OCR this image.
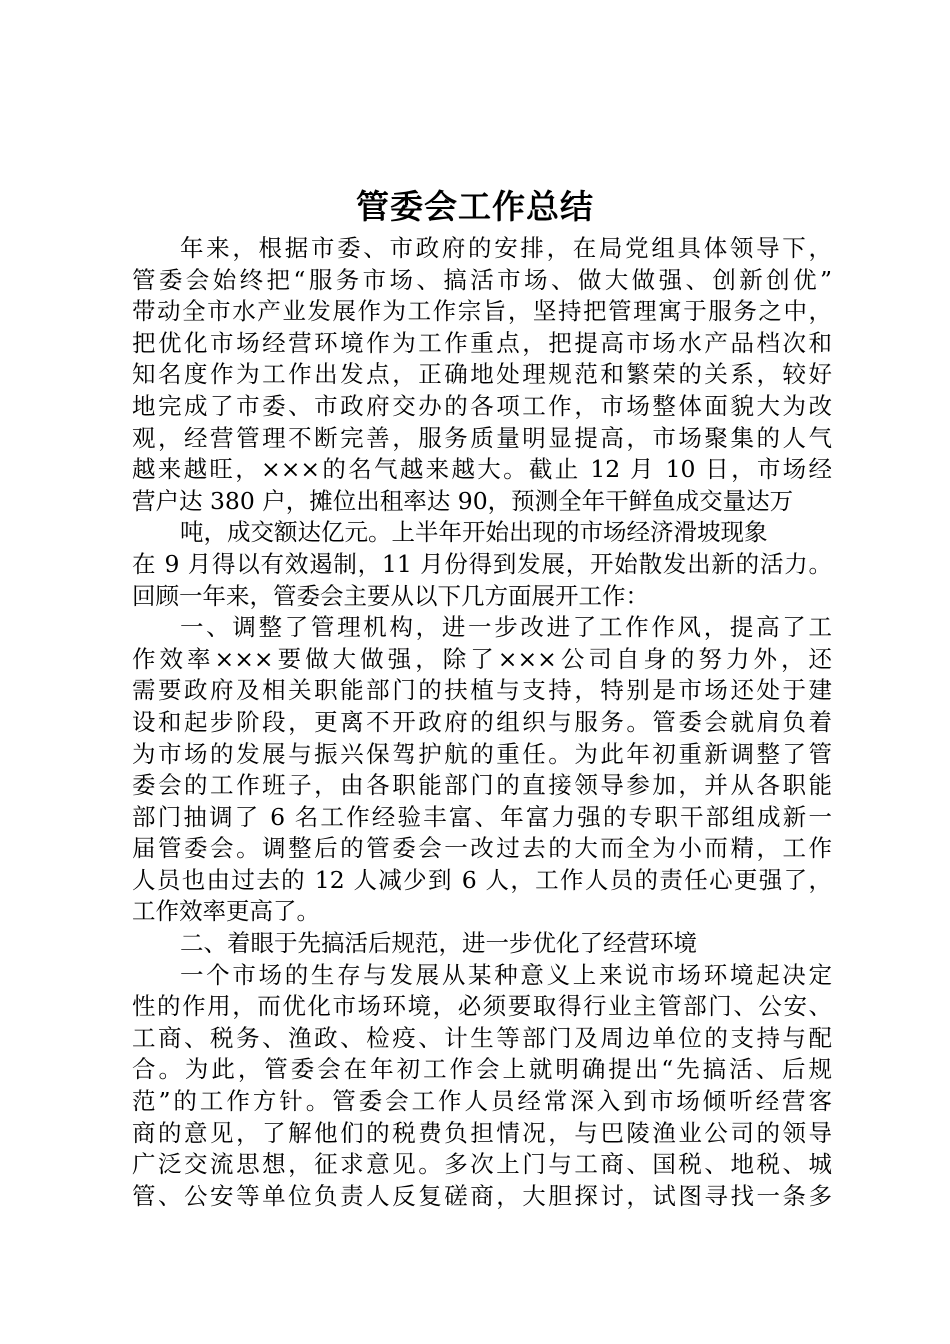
管委会工作总结
年来，根据市委、市政府的安排，在局党组具体领导下，
管委会始终把“服务市场、搞活市场、做大做强、创新创优”
带动全市水产业发展作为工作宗旨，坚持把管理寓于服务之中，
把优化市场经营环境作为工作重点，把提高市场水产品档次和
知名度作为工作出发点，正确地处理规范和繁荣的关系，较好
地完成了市委、市政府交办的各项工作，市场整体面貌大为改
观，经营管理不断完善，服务质量明显提高，市场聚集的人气
越来越旺，×××的名气越来越大。截止 12 月 10 日，市场经
营户达 380 户，摊位出租率达 90，预测全年干鲜鱼成交量达万
吨，成交额达亿元。上半年开始出现的市场经济滑坡现象
在 9 月得以有效遏制，11 月份得到发展，开始散发出新的活力。
回顾一年来，管委会主要从以下几方面展开工作：
一、调整了管理机构，进一步改进了工作作风，提高了工
作效率×××要做大做强，除了×××公司自身的努力外，还
需要政府及相关职能部门的扶植与支持，特别是市场还处于建
设和起步阶段，更离不开政府的组织与服务。管委会就肩负着
为市场的发展与振兴保驾护航的重任。为此年初重新调整了管
委会的工作班子，由各职能部门的直接领导参加，并从各职能
部门抽调了 6 名工作经验丰富、年富力强的专职干部组成新一
届管委会。调整后的管委会一改过去的大而全为小而精，工作
人员也由过去的 12 人减少到 6 人，工作人员的责任心更强了，
工作效率更高了。
二、着眼于先搞活后规范，进一步优化了经营环境
一个市场的生存与发展从某种意义上来说市场环境起决定
性的作用，而优化市场环境，必须要取得行业主管部门、公安、
工商、税务、渔政、检疫、计生等部门及周边单位的支持与配
合。为此，管委会在年初工作会上就明确提出“先搞活、后规
范”的工作方针。管委会工作人员经常深入到市场倾听经营客
商的意见，了解他们的税费负担情况，与巴陵渔业公司的领导
广泛交流思想，征求意见。多次上门与工商、国税、地税、城
管、公安等单位负责人反复磋商，大胆探讨，试图寻找一条多
